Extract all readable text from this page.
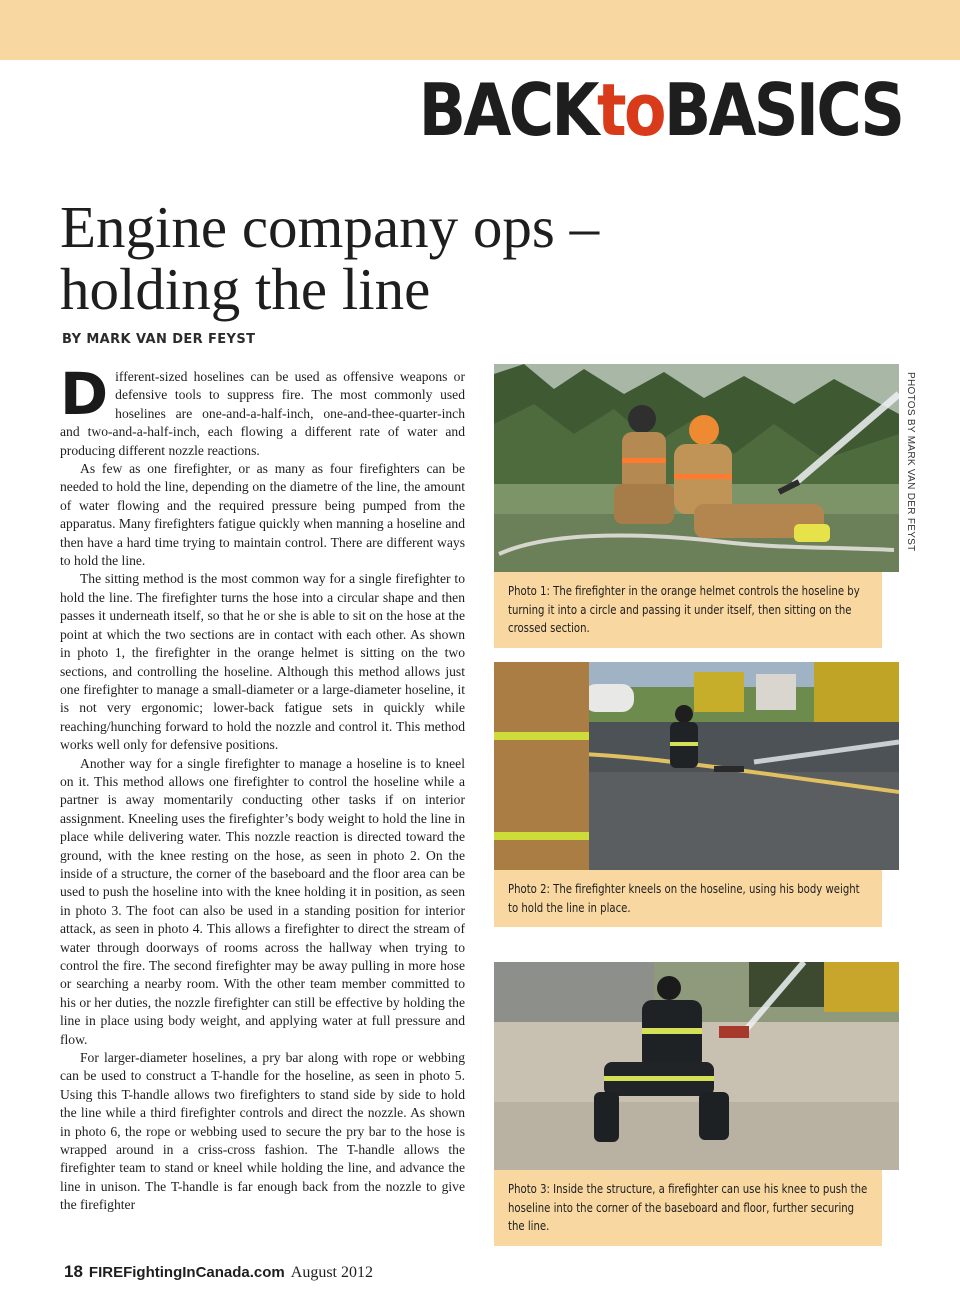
BACKtoBASICS
Engine company ops –
holding the line
BY MARK VAN DER FEYST

Different-sized hoselines can be used as offensive weapons or defensive tools to suppress fire. The most commonly used hoselines are one-and-a-half-inch, one-and-thee-quarter-inch and two-and-a-half-inch, each flowing a different rate of water and producing different nozzle reactions.

As few as one firefighter, or as many as four firefighters can be needed to hold the line, depending on the diametre of the line, the amount of water flowing and the required pressure being pumped from the apparatus. Many firefighters fatigue quickly when manning a hoseline and then have a hard time trying to maintain control. There are different ways to hold the line.

The sitting method is the most common way for a single firefighter to hold the line. The firefighter turns the hose into a circular shape and then passes it underneath itself, so that he or she is able to sit on the hose at the point at which the two sections are in contact with each other. As shown in photo 1, the firefighter in the orange helmet is sitting on the two sections, and controlling the hoseline. Although this method allows just one firefighter to manage a small-diameter or a large-diameter hoseline, it is not very ergonomic; lower-back fatigue sets in quickly while reaching/hunching forward to hold the nozzle and control it. This method works well only for defensive positions.

Another way for a single firefighter to manage a hoseline is to kneel on it. This method allows one firefighter to control the hoseline while a partner is away momentarily conducting other tasks if on interior assignment. Kneeling uses the firefighter’s body weight to hold the line in place while delivering water. This nozzle reaction is directed toward the ground, with the knee resting on the hose, as seen in photo 2. On the inside of a structure, the corner of the baseboard and the floor area can be used to push the hoseline into with the knee holding it in position, as seen in photo 3. The foot can also be used in a standing position for interior attack, as seen in photo 4. This allows a firefighter to direct the stream of water through doorways of rooms across the hallway when trying to control the fire. The second firefighter may be away pulling in more hose or searching a nearby room. With the other team member committed to his or her duties, the nozzle firefighter can still be effective by holding the line in place using body weight, and applying water at full pressure and flow.

For larger-diameter hoselines, a pry bar along with rope or webbing can be used to construct a T-handle for the hoseline, as seen in photo 5. Using this T-handle allows two firefighters to stand side by side to hold the line while a third firefighter controls and direct the nozzle. As shown in photo 6, the rope or webbing used to secure the pry bar to the hose is wrapped around in a criss-cross fashion. The T-handle allows the firefighter team to stand or kneel while holding the line, and advance the line in unison. The T-handle is far enough back from the nozzle to give the firefighter

PHOTOS BY MARK VAN DER FEYST
Photo 1: The firefighter in the orange helmet controls the hoseline by turning it into a circle and passing it under itself, then sitting on the crossed section.
Photo 2: The firefighter kneels on the hoseline, using his body weight to hold the line in place.
Photo 3: Inside the structure, a firefighter can use his knee to push the hoseline into the corner of the baseboard and floor, further securing the line.
18 FIREFightingInCanada.com August 2012
